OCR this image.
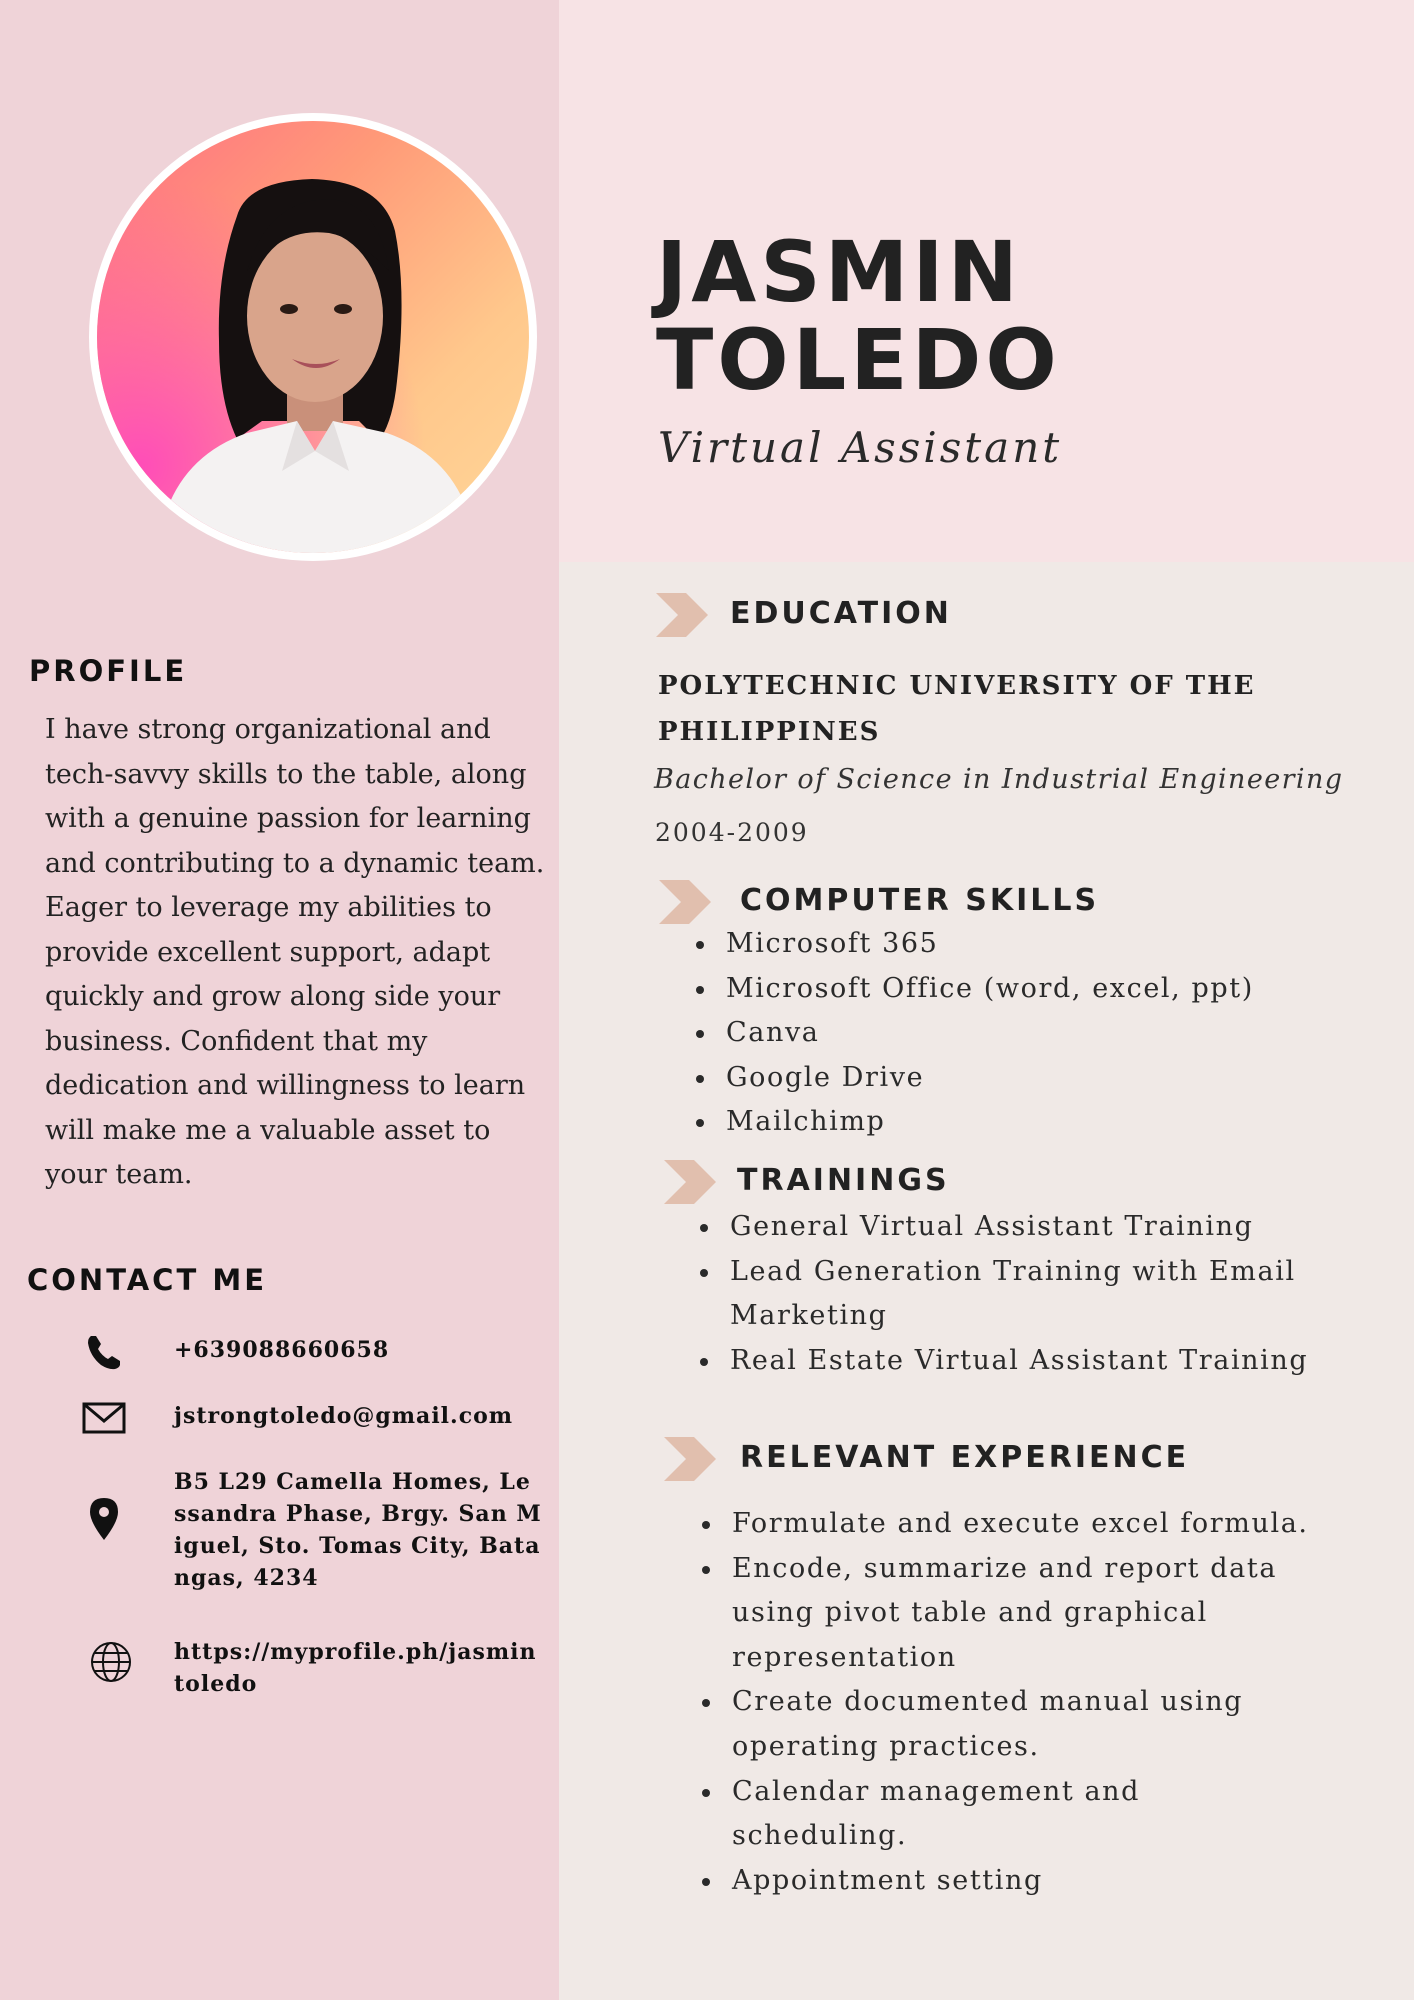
JASMIN
TOLEDO

Virtual Assistant

PROFILE

I have strong organizational and tech-savvy skills to the table, along with a genuine passion for learning and contributing to a dynamic team. Eager to leverage my abilities to provide excellent support, adapt quickly and grow along side your business. Confident that my dedication and willingness to learn will make me a valuable asset to your team.

CONTACT ME
+639088660658
jstrongtoledo@gmail.com
B5 L29 Camella Homes, Lessandra Phase, Brgy. San Miguel, Sto. Tomas City, Batangas, 4234
https://myprofile.ph/jasmintoledo
EDUCATION

POLYTECHNIC UNIVERSITY OF THE PHILIPPINES

Bachelor of Science in Industrial Engineering

2004-2009

COMPUTER SKILLS
Microsoft 365
Microsoft Office (word, excel, ppt)
Canva
Google Drive
Mailchimp
TRAININGS
General Virtual Assistant Training
Lead Generation Training with Email Marketing
Real Estate Virtual Assistant Training
RELEVANT EXPERIENCE
Formulate and execute excel formula.
Encode, summarize and report data using pivot table and graphical representation
Create documented manual using operating practices.
Calendar management and scheduling.
Appointment setting
